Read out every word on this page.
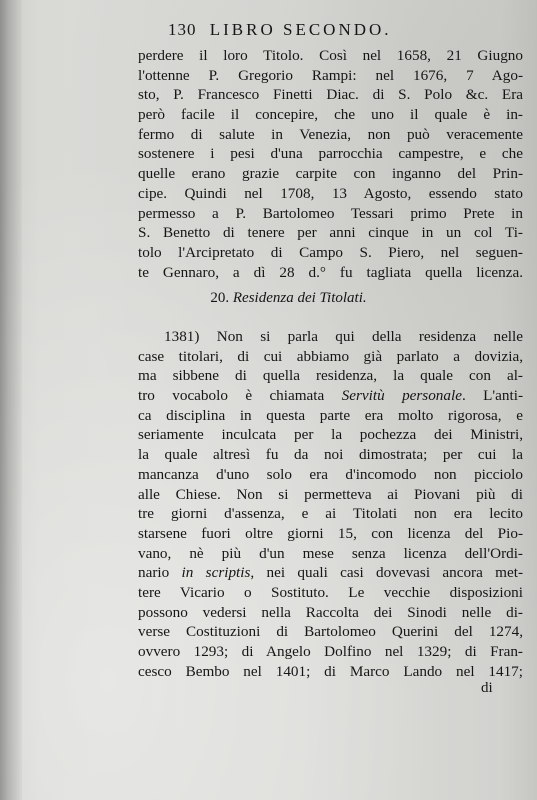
130 LIBRO SECONDO.
perdere il loro Titolo. Così nel 1658, 21 Giugno
l'ottenne P. Gregorio Rampi: nel 1676, 7 Ago-
sto, P. Francesco Finetti Diac. di S. Polo &c. Era
però facile il concepire, che uno il quale è in-
fermo di salute in Venezia, non può veracemente
sostenere i pesi d'una parrocchia campestre, e che
quelle erano grazie carpite con inganno del Prin-
cipe. Quindi nel 1708, 13 Agosto, essendo stato
permesso a P. Bartolomeo Tessari primo Prete in
S. Benetto di tenere per anni cinque in un col Ti-
tolo l'Arcipretato di Campo S. Piero, nel seguen-
te Gennaro, a dì 28 d.° fu tagliata quella licenza.
20. Residenza dei Titolati.
1381) Non si parla qui della residenza nelle
case titolari, di cui abbiamo già parlato a dovizia,
ma sibbene di quella residenza, la quale con al-
tro vocabolo è chiamata Servitù personale. L'anti-
ca disciplina in questa parte era molto rigorosa, e
seriamente inculcata per la pochezza dei Ministri,
la quale altresì fu da noi dimostrata; per cui la
mancanza d'uno solo era d'incomodo non picciolo
alle Chiese. Non si permetteva ai Piovani più di
tre giorni d'assenza, e ai Titolati non era lecito
starsene fuori oltre giorni 15, con licenza del Pio-
vano, nè più d'un mese senza licenza dell'Ordi-
nario in scriptis, nei quali casi dovevasi ancora met-
tere Vicario o Sostituto. Le vecchie disposizioni
possono vedersi nella Raccolta dei Sinodi nelle di-
verse Costituzioni di Bartolomeo Querini del 1274,
ovvero 1293; di Angelo Dolfino nel 1329; di Fran-
cesco Bembo nel 1401; di Marco Lando nel 1417;
di
